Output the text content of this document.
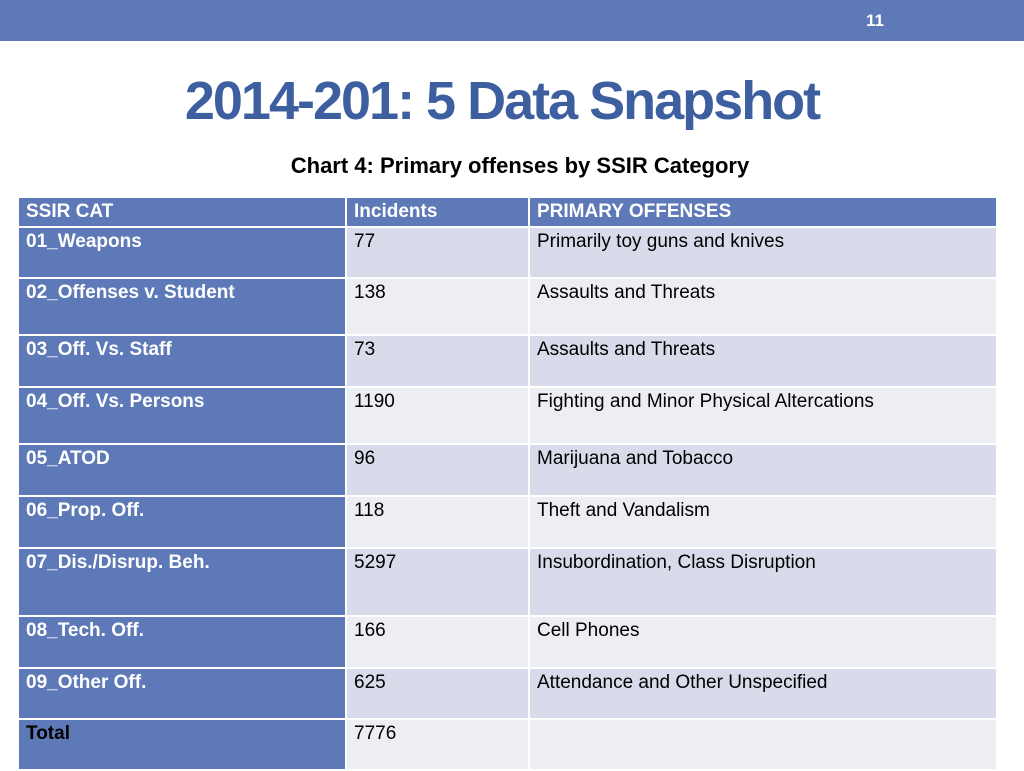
11
2014-201: 5 Data Snapshot
Chart 4: Primary offenses by SSIR Category
SSIR CAT	Incidents	PRIMARY OFFENSES
01_Weapons	77	Primarily toy guns and knives
02_Offenses v. Student	138	Assaults and Threats
03_Off. Vs. Staff	73	Assaults and Threats
04_Off. Vs. Persons	1190	Fighting and Minor Physical Altercations
05_ATOD	96	Marijuana and Tobacco
06_Prop. Off.	118	Theft and Vandalism
07_Dis./Disrup. Beh.	5297	Insubordination, Class Disruption
08_Tech. Off.	166	Cell Phones
09_Other Off.	625	Attendance and Other Unspecified
Total	7776	
